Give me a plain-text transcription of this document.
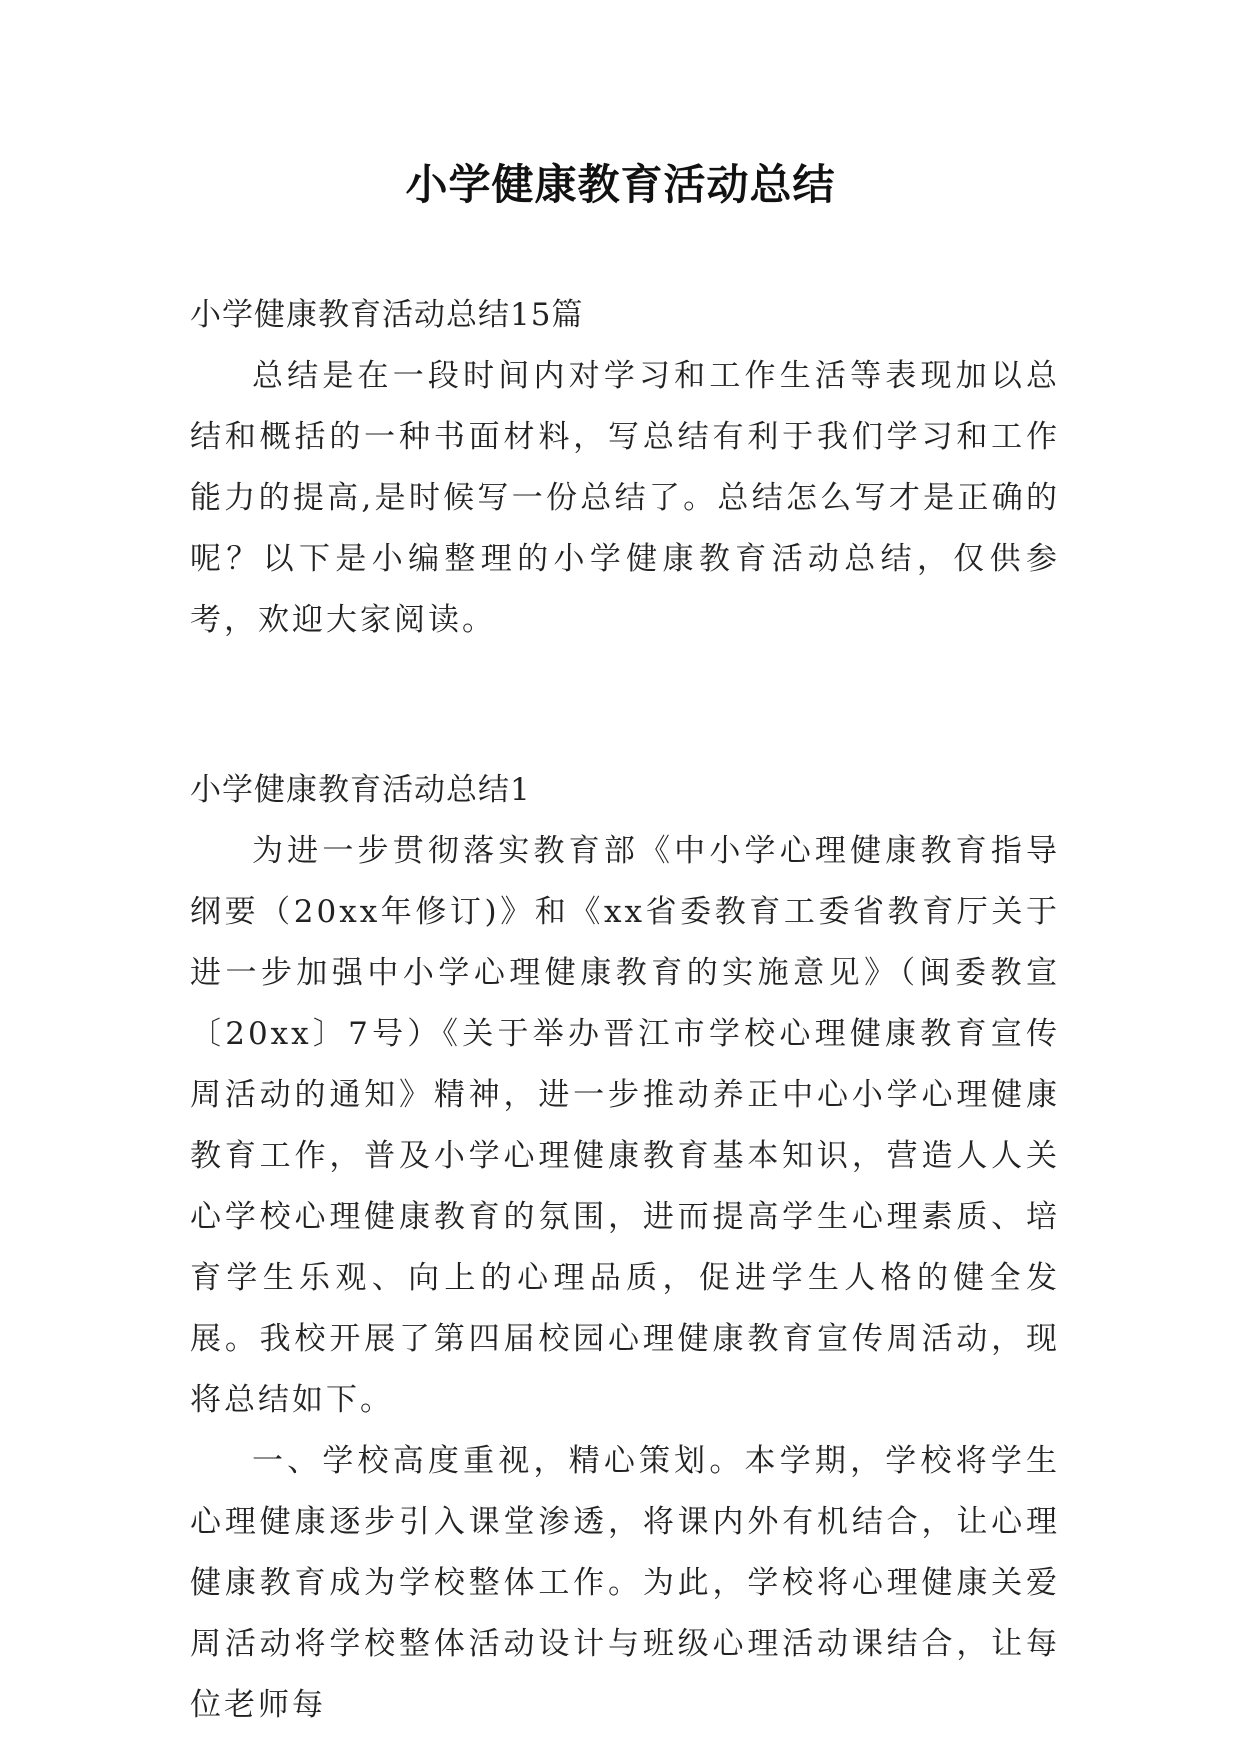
小学健康教育活动总结

小学健康教育活动总结15篇

总结是在一段时间内对学习和工作生活等表现加以总结和概括的一种书面材料，写总结有利于我们学习和工作能力的提高,是时候写一份总结了。总结怎么写才是正确的呢？以下是小编整理的小学健康教育活动总结，仅供参考，欢迎大家阅读。

小学健康教育活动总结1

为进一步贯彻落实教育部《中小学心理健康教育指导纲要（20xx年修订)》和《xx省委教育工委省教育厅关于进一步加强中小学心理健康教育的实施意见》（闽委教宣〔20xx〕7号）《关于举办晋江市学校心理健康教育宣传周活动的通知》精神，进一步推动养正中心小学心理健康教育工作，普及小学心理健康教育基本知识，营造人人关心学校心理健康教育的氛围，进而提高学生心理素质、培育学生乐观、向上的心理品质，促进学生人格的健全发展。我校开展了第四届校园心理健康教育宣传周活动，现将总结如下。

一、学校高度重视，精心策划。本学期，学校将学生心理健康逐步引入课堂渗透，将课内外有机结合，让心理健康教育成为学校整体工作。为此，学校将心理健康关爱周活动将学校整体活动设计与班级心理活动课结合，让每位老师每
